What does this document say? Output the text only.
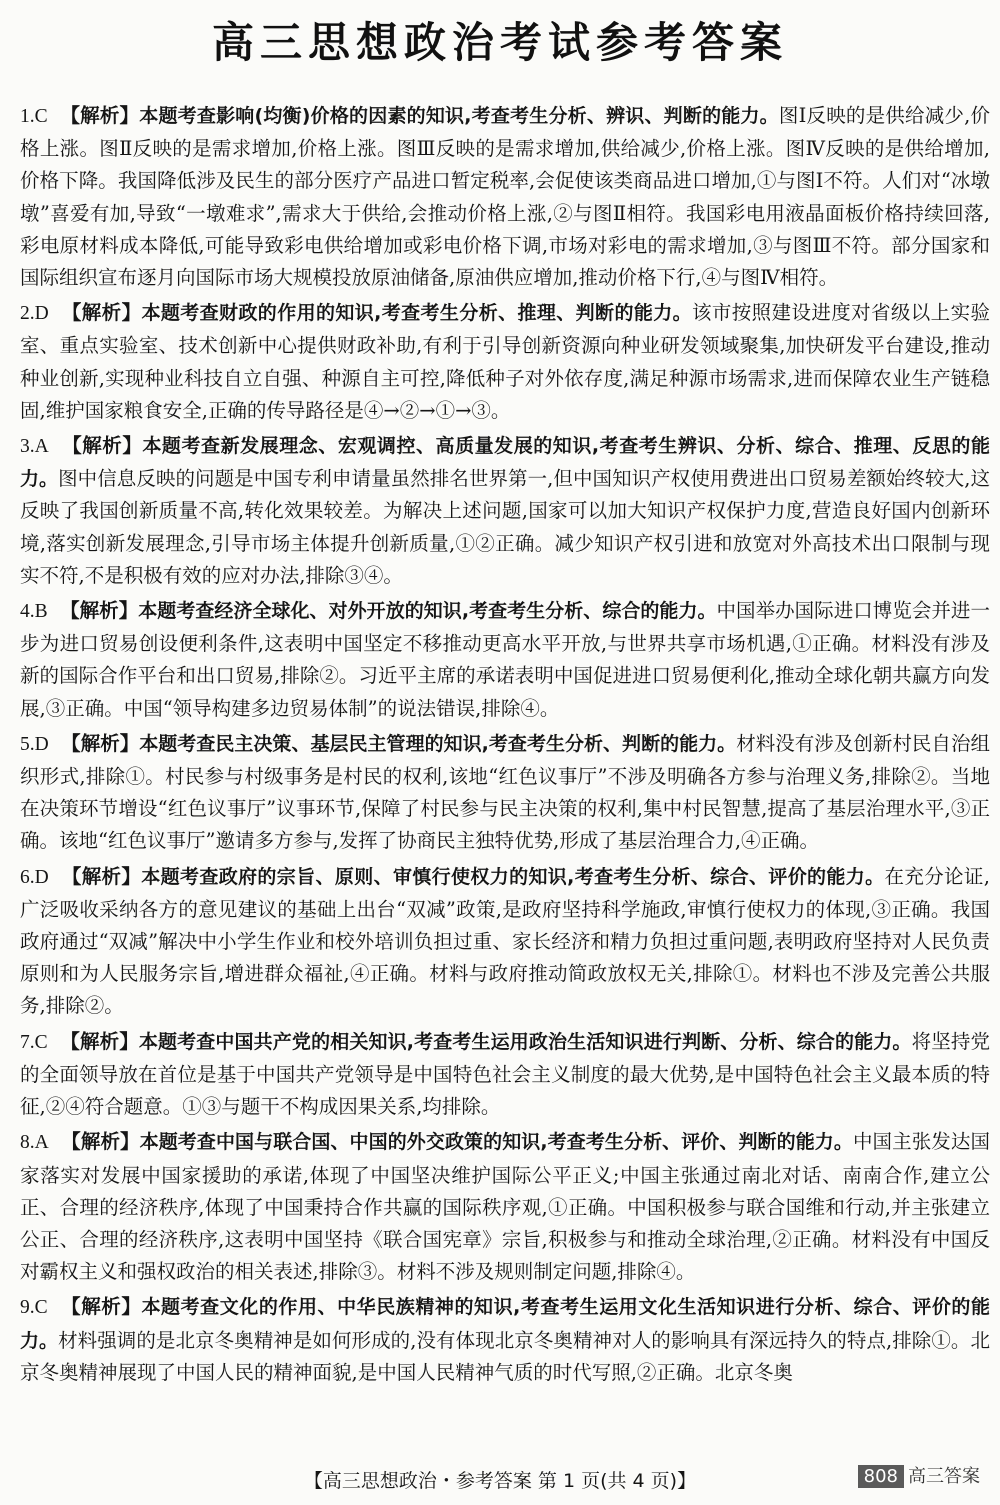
高三思想政治考试参考答案

1.C 【解析】本题考查影响(均衡)价格的因素的知识,考查考生分析、辨识、判断的能力。图Ⅰ反映的是供给减少,价格上涨。图Ⅱ反映的是需求增加,价格上涨。图Ⅲ反映的是需求增加,供给减少,价格上涨。图Ⅳ反映的是供给增加,价格下降。我国降低涉及民生的部分医疗产品进口暂定税率,会促使该类商品进口增加,①与图Ⅰ不符。人们对“冰墩墩”喜爱有加,导致“一墩难求”,需求大于供给,会推动价格上涨,②与图Ⅱ相符。我国彩电用液晶面板价格持续回落,彩电原材料成本降低,可能导致彩电供给增加或彩电价格下调,市场对彩电的需求增加,③与图Ⅲ不符。部分国家和国际组织宣布逐月向国际市场大规模投放原油储备,原油供应增加,推动价格下行,④与图Ⅳ相符。

2.D 【解析】本题考查财政的作用的知识,考查考生分析、推理、判断的能力。该市按照建设进度对省级以上实验室、重点实验室、技术创新中心提供财政补助,有利于引导创新资源向种业研发领域聚集,加快研发平台建设,推动种业创新,实现种业科技自立自强、种源自主可控,降低种子对外依存度,满足种源市场需求,进而保障农业生产链稳固,维护国家粮食安全,正确的传导路径是④→②→①→③。

3.A 【解析】本题考查新发展理念、宏观调控、高质量发展的知识,考查考生辨识、分析、综合、推理、反思的能力。图中信息反映的问题是中国专利申请量虽然排名世界第一,但中国知识产权使用费进出口贸易差额始终较大,这反映了我国创新质量不高,转化效果较差。为解决上述问题,国家可以加大知识产权保护力度,营造良好国内创新环境,落实创新发展理念,引导市场主体提升创新质量,①②正确。减少知识产权引进和放宽对外高技术出口限制与现实不符,不是积极有效的应对办法,排除③④。

4.B 【解析】本题考查经济全球化、对外开放的知识,考查考生分析、综合的能力。中国举办国际进口博览会并进一步为进口贸易创设便利条件,这表明中国坚定不移推动更高水平开放,与世界共享市场机遇,①正确。材料没有涉及新的国际合作平台和出口贸易,排除②。习近平主席的承诺表明中国促进进口贸易便利化,推动全球化朝共赢方向发展,③正确。中国“领导构建多边贸易体制”的说法错误,排除④。

5.D 【解析】本题考查民主决策、基层民主管理的知识,考查考生分析、判断的能力。材料没有涉及创新村民自治组织形式,排除①。村民参与村级事务是村民的权利,该地“红色议事厅”不涉及明确各方参与治理义务,排除②。当地在决策环节增设“红色议事厅”议事环节,保障了村民参与民主决策的权利,集中村民智慧,提高了基层治理水平,③正确。该地“红色议事厅”邀请多方参与,发挥了协商民主独特优势,形成了基层治理合力,④正确。

6.D 【解析】本题考查政府的宗旨、原则、审慎行使权力的知识,考查考生分析、综合、评价的能力。在充分论证,广泛吸收采纳各方的意见建议的基础上出台“双减”政策,是政府坚持科学施政,审慎行使权力的体现,③正确。我国政府通过“双减”解决中小学生作业和校外培训负担过重、家长经济和精力负担过重问题,表明政府坚持对人民负责原则和为人民服务宗旨,增进群众福祉,④正确。材料与政府推动简政放权无关,排除①。材料也不涉及完善公共服务,排除②。

7.C 【解析】本题考查中国共产党的相关知识,考查考生运用政治生活知识进行判断、分析、综合的能力。将坚持党的全面领导放在首位是基于中国共产党领导是中国特色社会主义制度的最大优势,是中国特色社会主义最本质的特征,②④符合题意。①③与题干不构成因果关系,均排除。

8.A 【解析】本题考查中国与联合国、中国的外交政策的知识,考查考生分析、评价、判断的能力。中国主张发达国家落实对发展中国家援助的承诺,体现了中国坚决维护国际公平正义;中国主张通过南北对话、南南合作,建立公正、合理的经济秩序,体现了中国秉持合作共赢的国际秩序观,①正确。中国积极参与联合国维和行动,并主张建立公正、合理的经济秩序,这表明中国坚持《联合国宪章》宗旨,积极参与和推动全球治理,②正确。材料没有中国反对霸权主义和强权政治的相关表述,排除③。材料不涉及规则制定问题,排除④。

9.C 【解析】本题考查文化的作用、中华民族精神的知识,考查考生运用文化生活知识进行分析、综合、评价的能力。材料强调的是北京冬奥精神是如何形成的,没有体现北京冬奥精神对人的影响具有深远持久的特点,排除①。北京冬奥精神展现了中国人民的精神面貌,是中国人民精神气质的时代写照,②正确。北京冬奥

【高三思想政治・参考答案 第 1 页(共 4 页)】	808 高三答案
